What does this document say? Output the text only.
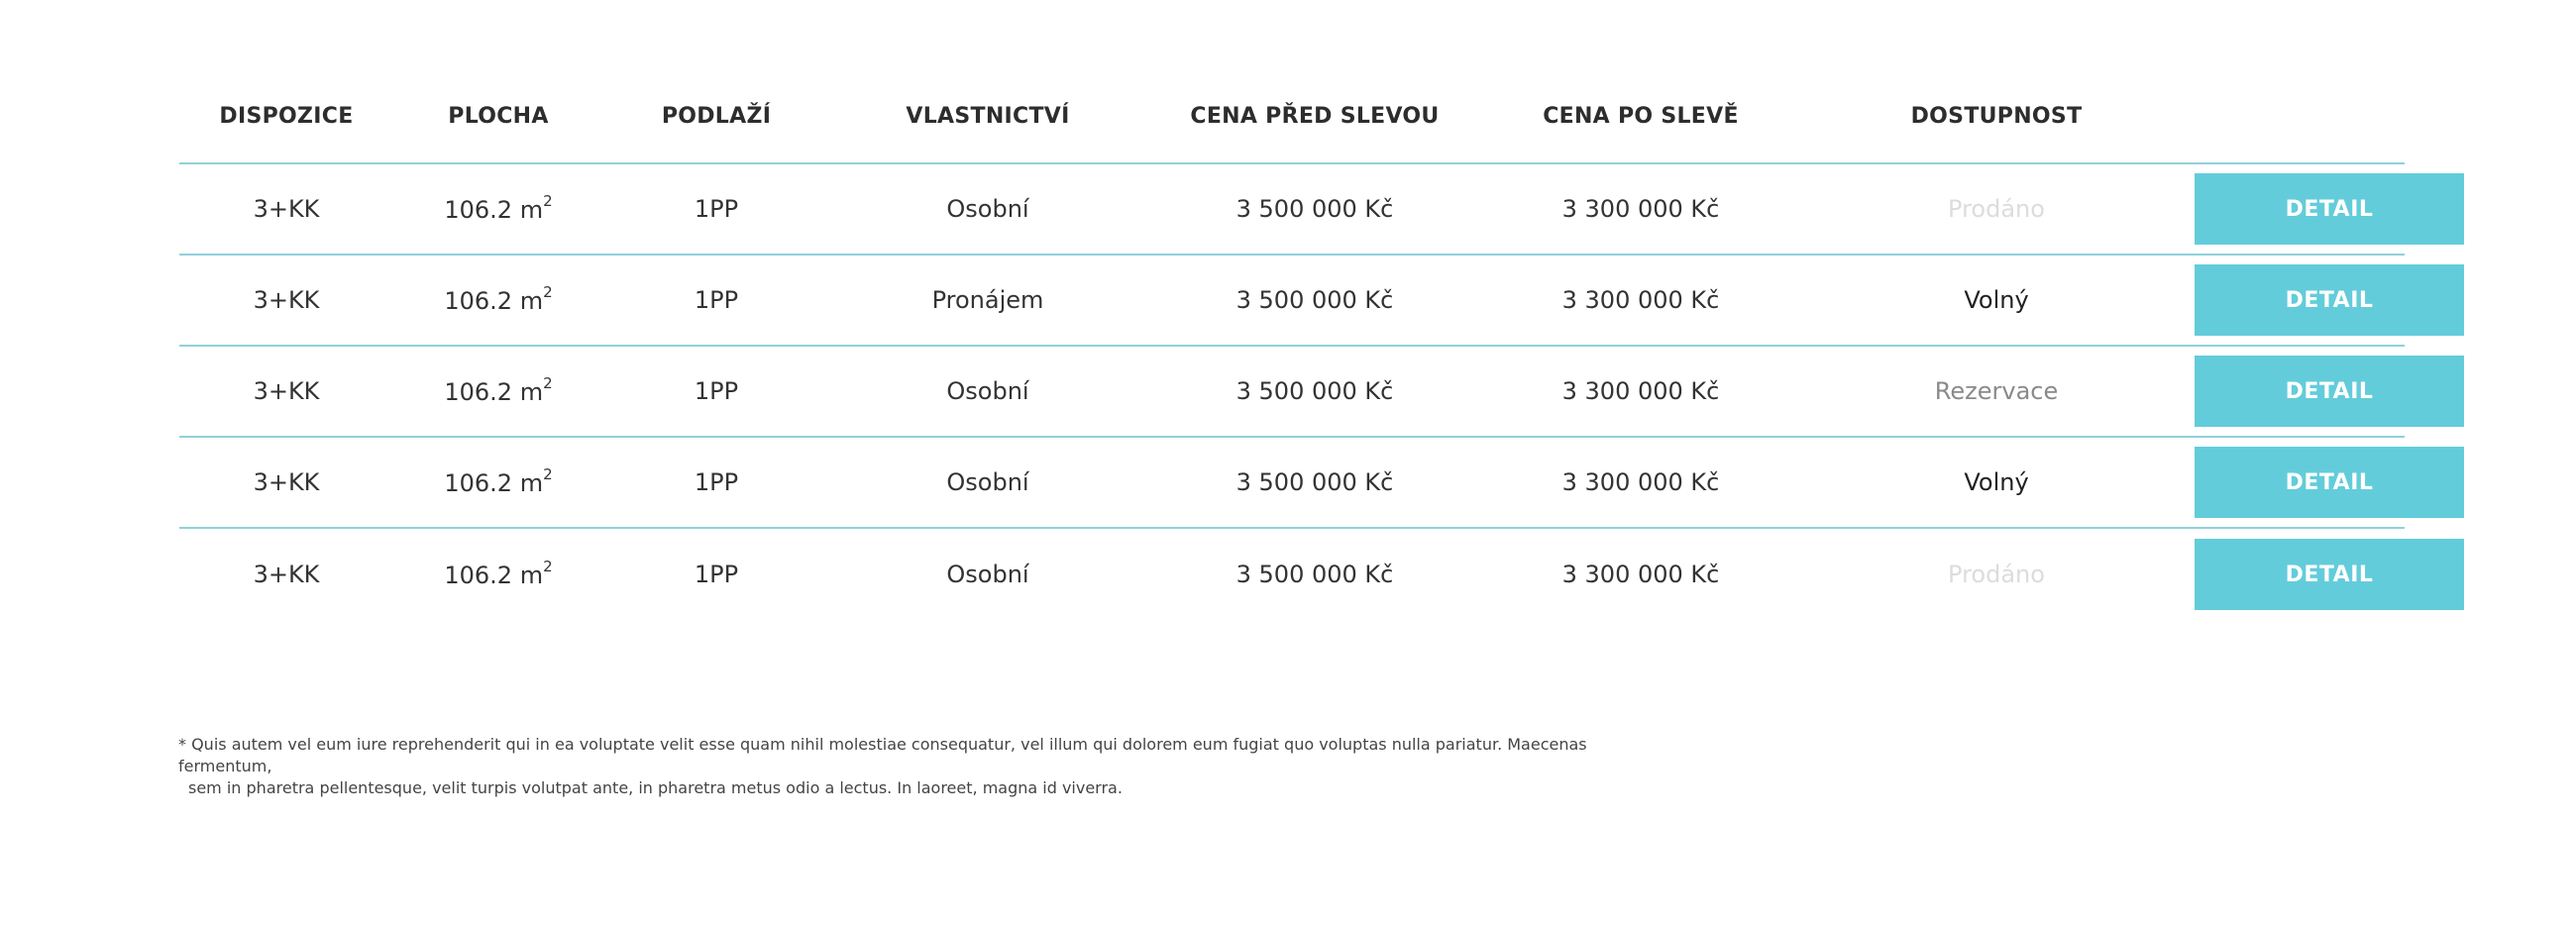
DISPOZICE	PLOCHA	PODLAŽÍ	VLASTNICTVÍ	CENA PŘED SLEVOU	CENA PO SLEVĚ	DOSTUPNOST
3+KK	106.2 $m^2$	1PP	Osobní	3 500 000 Kč	3 300 000 Kč	Prodáno	DETAIL
3+KK	106.2 $m^2$	1PP	Pronájem	3 500 000 Kč	3 300 000 Kč	Volný	DETAIL
3+KK	106.2 $m^2$	1PP	Osobní	3 500 000 Kč	3 300 000 Kč	Rezervace	DETAIL
3+KK	106.2 $m^2$	1PP	Osobní	3 500 000 Kč	3 300 000 Kč	Volný	DETAIL
3+KK	106.2 $m^2$	1PP	Osobní	3 500 000 Kč	3 300 000 Kč	Prodáno	DETAIL
* Quis autem vel eum iure reprehenderit qui in ea voluptate velit esse quam nihil molestiae consequatur, vel illum qui dolorem eum fugiat quo voluptas nulla pariatur. Maecenas fermentum,
sem in pharetra pellentesque, velit turpis volutpat ante, in pharetra metus odio a lectus. In laoreet, magna id viverra.
